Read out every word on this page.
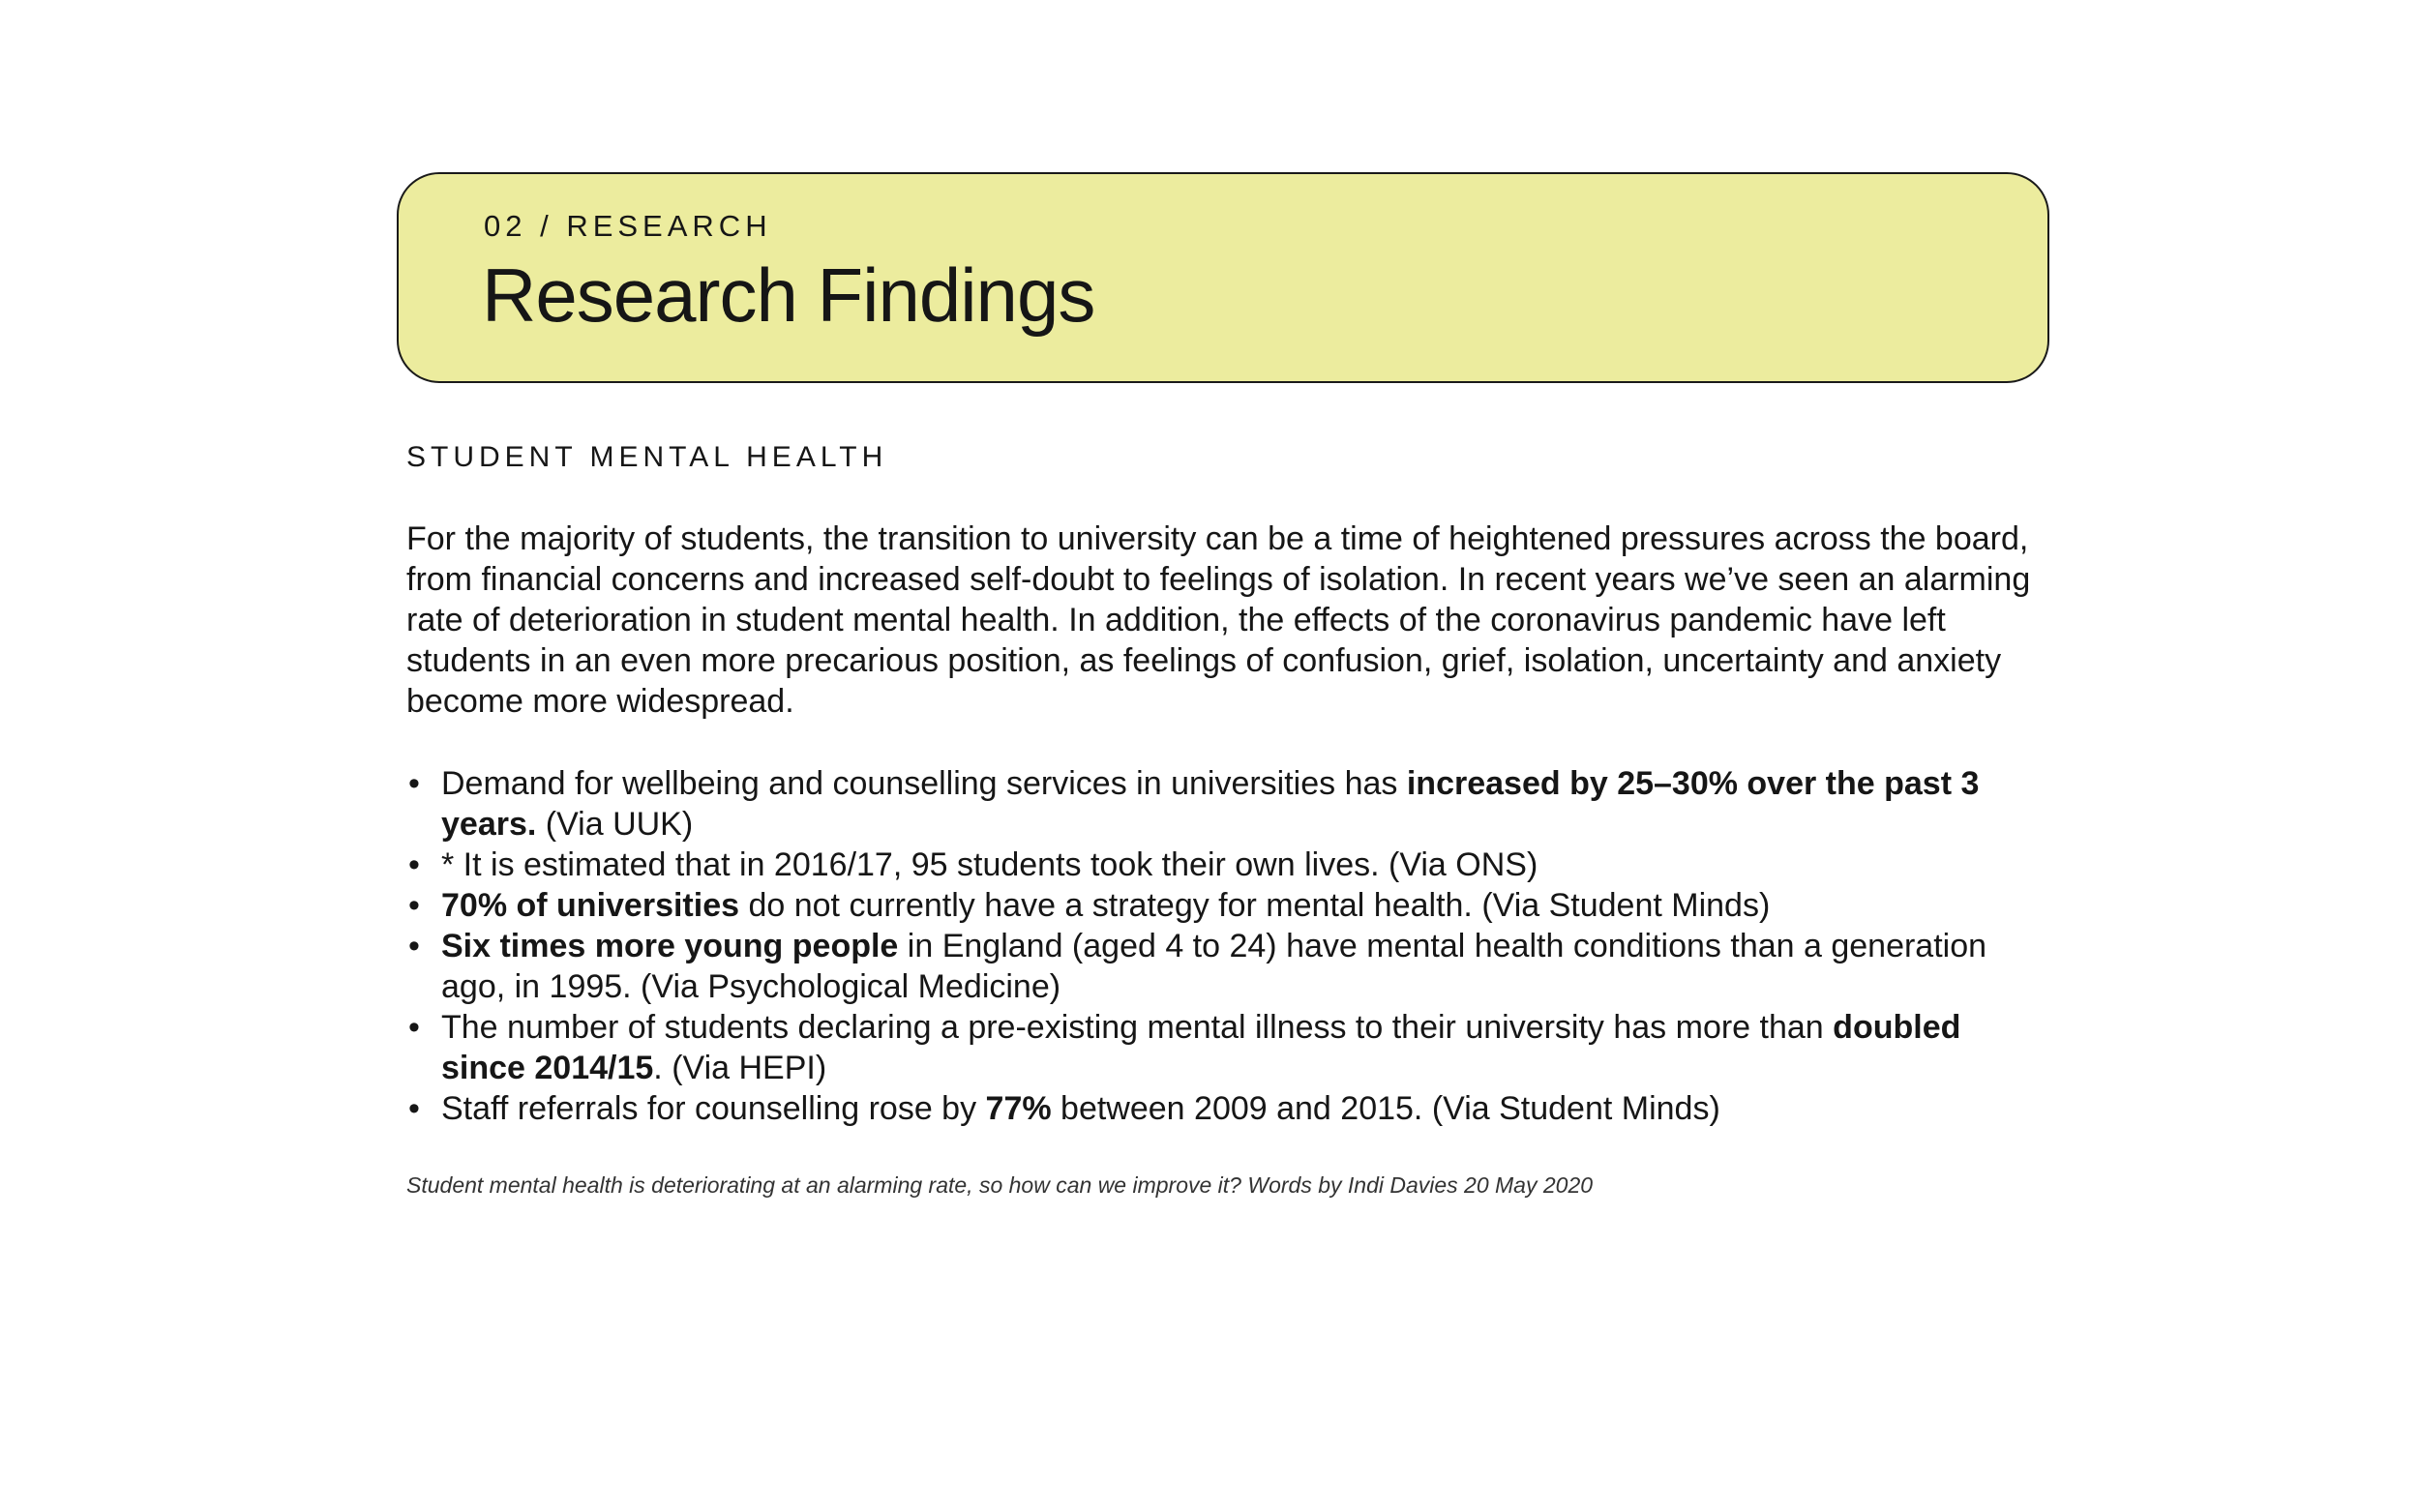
02 / RESEARCH

Research Findings
STUDENT MENTAL HEALTH
For the majority of students, the transition to university can be a time of heightened pressures across the board,
from financial concerns and increased self-doubt to feelings of isolation. In recent years we’ve seen an alarming
rate of deterioration in student mental health. In addition, the effects of the coronavirus pandemic have left
students in an even more precarious position, as feelings of confusion, grief, isolation, uncertainty and anxiety
become more widespread.
• Demand for wellbeing and counselling services in universities has increased by 25–30% over the past 3
years. (Via UUK)
• * It is estimated that in 2016/17, 95 students took their own lives. (Via ONS)
• 70% of universities do not currently have a strategy for mental health. (Via Student Minds)
• Six times more young people in England (aged 4 to 24) have mental health conditions than a generation
ago, in 1995. (Via Psychological Medicine)
• The number of students declaring a pre-existing mental illness to their university has more than doubled
since 2014/15. (Via HEPI)
• Staff referrals for counselling rose by 77% between 2009 and 2015. (Via Student Minds)

Student mental health is deteriorating at an alarming rate, so how can we improve it? Words by Indi Davies 20 May 2020
